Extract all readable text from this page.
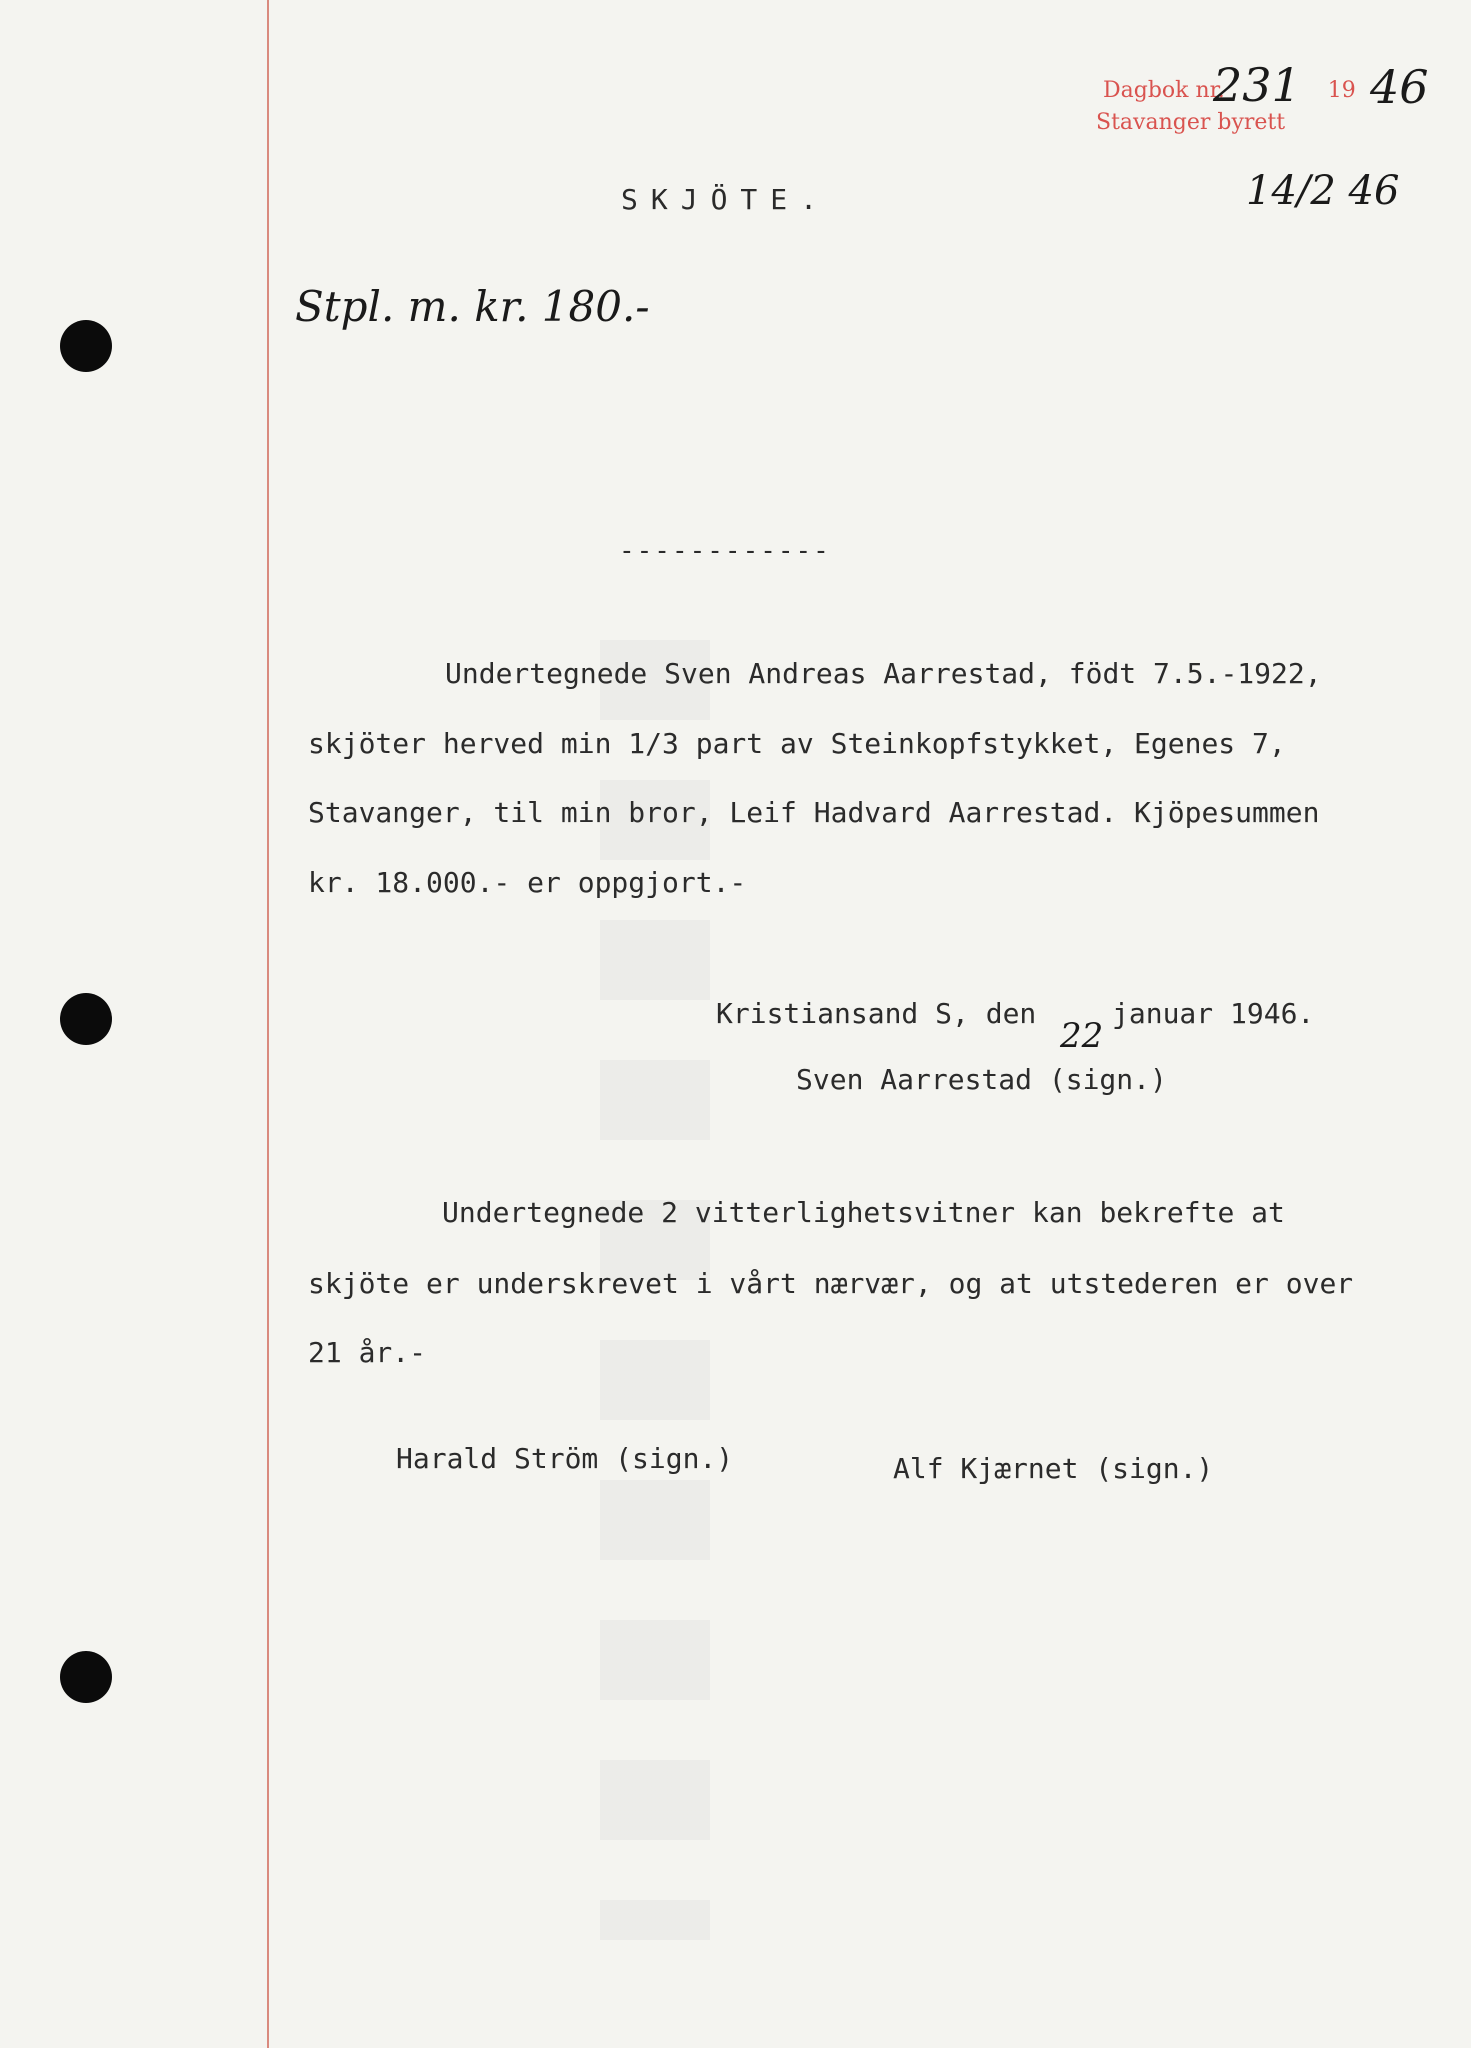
Dagbok nr.	19
Stavanger byrett
231 46
14/2 46
Stpl. m. kr. 180.-
SKJÖTE.
------------
Undertegnede Sven Andreas Aarrestad, födt 7.5.-1922,
skjöter herved min 1/3 part av Steinkopfstykket, Egenes 7,
Stavanger, til min bror, Leif Hadvard Aarrestad. Kjöpesummen
kr. 18.000.- er oppgjort.-
Kristiansand S, den
22
januar 1946.
Sven Aarrestad (sign.)
Undertegnede 2 vitterlighetsvitner kan bekrefte at
skjöte er underskrevet i vårt nærvær, og at utstederen er over
21 år.-
Harald Ström (sign.)	Alf Kjærnet (sign.)
